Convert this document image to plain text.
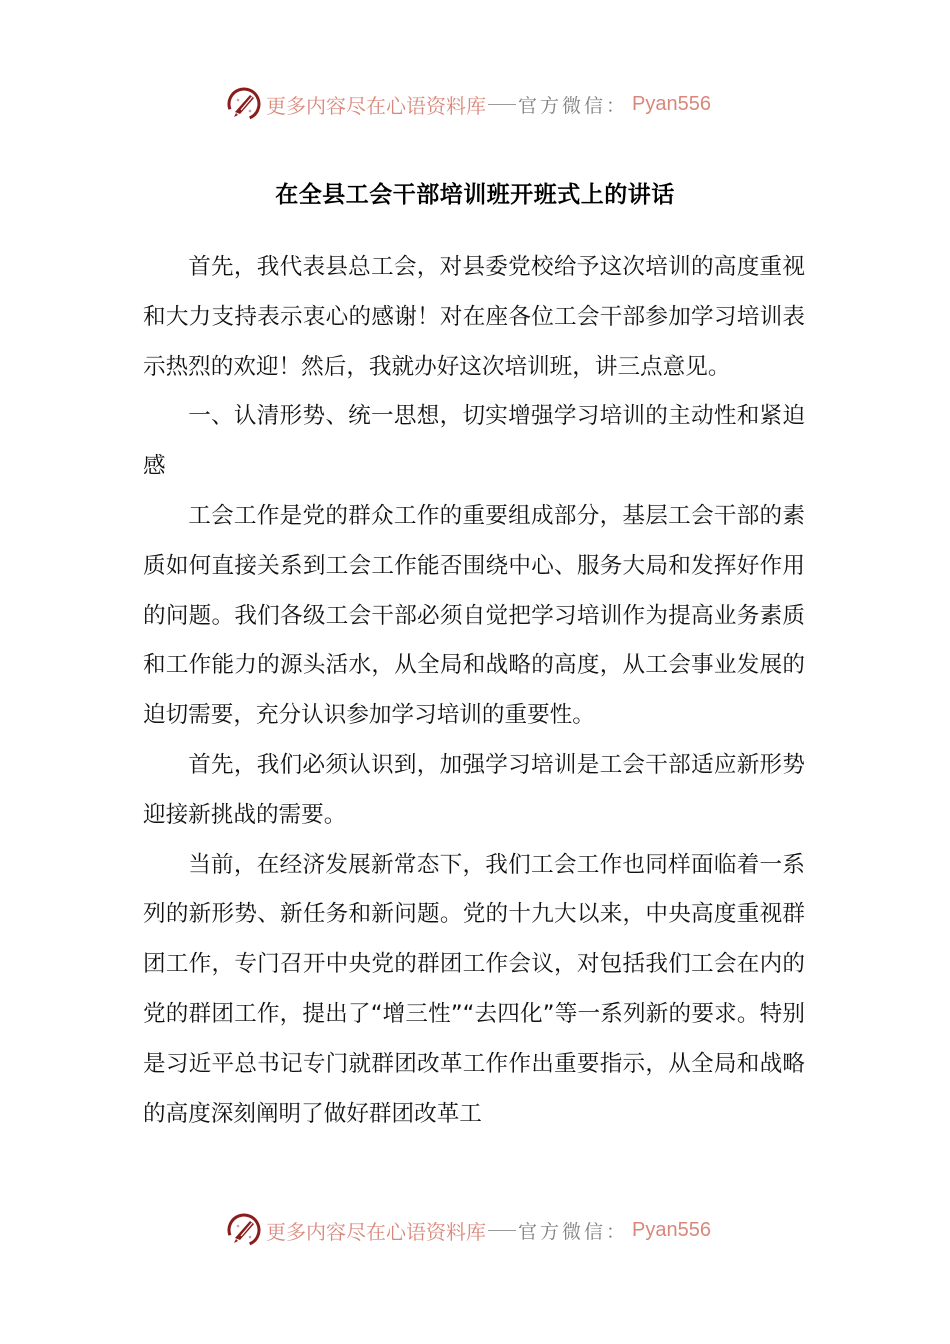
更多内容尽在心语资料库 官方微信： Pyan556
在全县工会干部培训班开班式上的讲话

首先，我代表县总工会，对县委党校给予这次培训的高度重视和大力支持表示衷心的感谢！对在座各位工会干部参加学习培训表示热烈的欢迎！然后，我就办好这次培训班，讲三点意见。

一、认清形势、统一思想，切实增强学习培训的主动性和紧迫感

工会工作是党的群众工作的重要组成部分，基层工会干部的素质如何直接关系到工会工作能否围绕中心、服务大局和发挥好作用的问题。我们各级工会干部必须自觉把学习培训作为提高业务素质和工作能力的源头活水，从全局和战略的高度，从工会事业发展的迫切需要，充分认识参加学习培训的重要性。

首先，我们必须认识到，加强学习培训是工会干部适应新形势迎接新挑战的需要。

当前，在经济发展新常态下，我们工会工作也同样面临着一系列的新形势、新任务和新问题。党的十九大以来，中央高度重视群团工作，专门召开中央党的群团工作会议，对包括我们工会在内的党的群团工作，提出了“增三性”“去四化”等一系列新的要求。特别是习近平总书记专门就群团改革工作作出重要指示，从全局和战略的高度深刻阐明了做好群团改革工

更多内容尽在心语资料库 官方微信： Pyan556
